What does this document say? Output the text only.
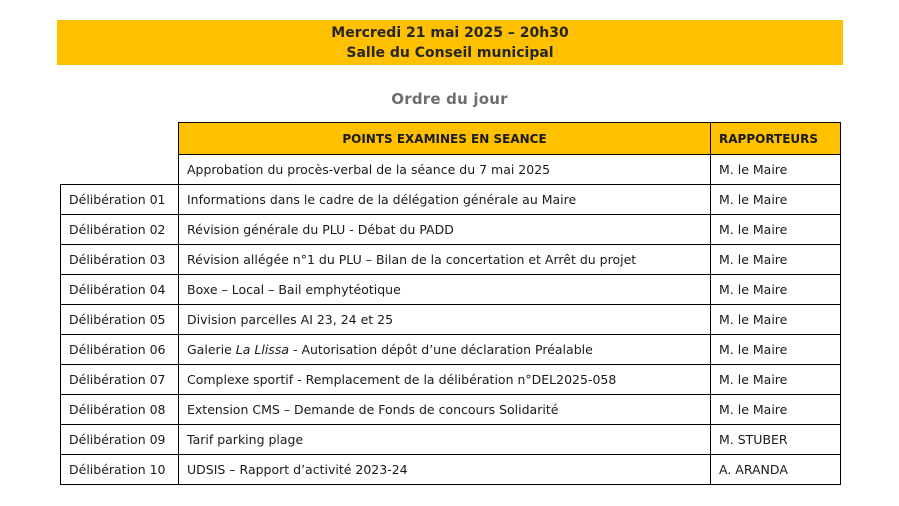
Mercredi 21 mai 2025 – 20h30
Salle du Conseil municipal
Ordre du jour
	POINTS EXAMINES EN SEANCE	RAPPORTEURS
	Approbation du procès-verbal de la séance du 7 mai 2025	M. le Maire
Délibération 01	Informations dans le cadre de la délégation générale au Maire	M. le Maire
Délibération 02	Révision générale du PLU - Débat du PADD	M. le Maire
Délibération 03	Révision allégée n°1 du PLU – Bilan de la concertation et Arrêt du projet	M. le Maire
Délibération 04	Boxe – Local – Bail emphytéotique	M. le Maire
Délibération 05	Division parcelles AI 23, 24 et 25	M. le Maire
Délibération 06	Galerie La Llissa - Autorisation dépôt d’une déclaration Préalable	M. le Maire
Délibération 07	Complexe sportif - Remplacement de la délibération n°DEL2025-058	M. le Maire
Délibération 08	Extension CMS – Demande de Fonds de concours Solidarité	M. le Maire
Délibération 09	Tarif parking plage	M. STUBER
Délibération 10	UDSIS – Rapport d’activité 2023-24	A. ARANDA
